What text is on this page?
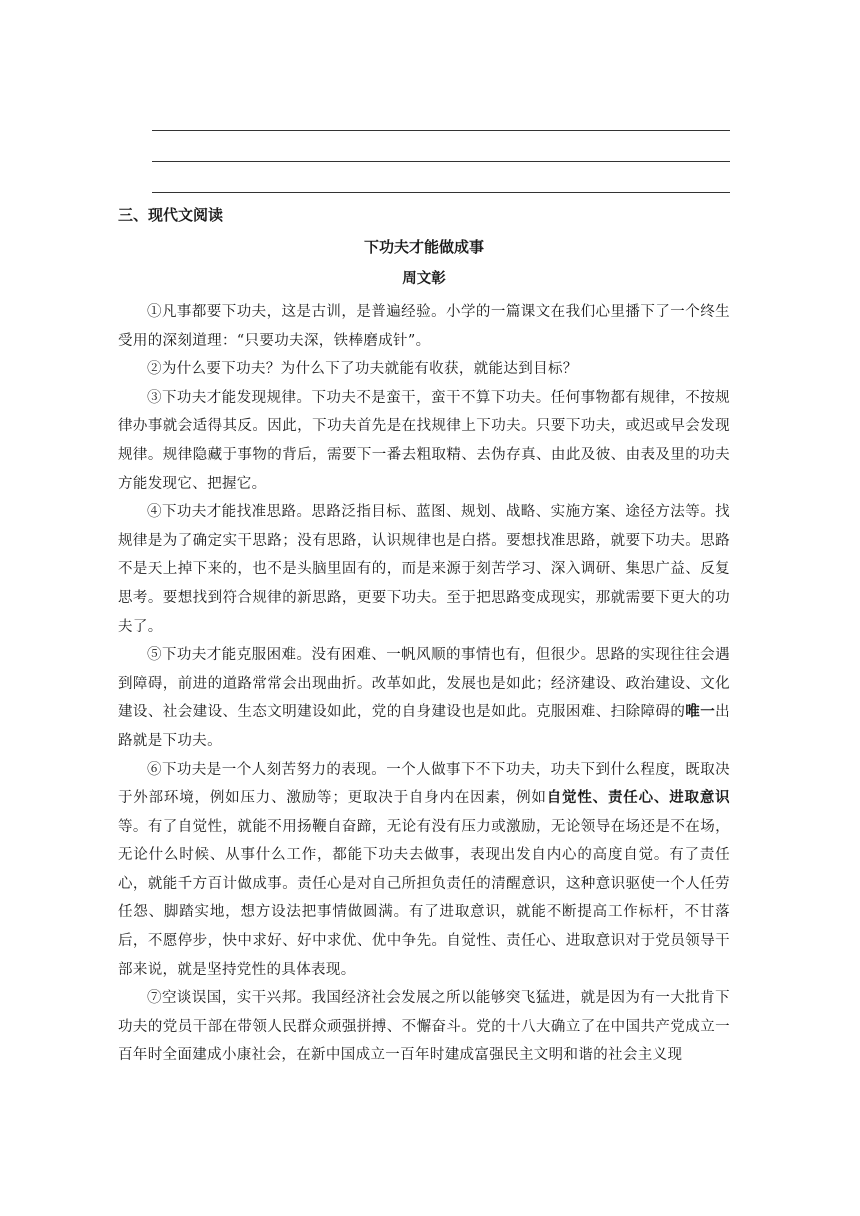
三、现代文阅读
下功夫才能做成事
周文彰

①凡事都要下功夫，这是古训，是普遍经验。小学的一篇课文在我们心里播下了一个终生受用的深刻道理：“只要功夫深，铁棒磨成针”。

②为什么要下功夫？为什么下了功夫就能有收获，就能达到目标？

③下功夫才能发现规律。下功夫不是蛮干，蛮干不算下功夫。任何事物都有规律，不按规律办事就会适得其反。因此，下功夫首先是在找规律上下功夫。只要下功夫，或迟或早会发现规律。规律隐藏于事物的背后，需要下一番去粗取精、去伪存真、由此及彼、由表及里的功夫方能发现它、把握它。

④下功夫才能找准思路。思路泛指目标、蓝图、规划、战略、实施方案、途径方法等。找规律是为了确定实干思路；没有思路，认识规律也是白搭。要想找准思路，就要下功夫。思路不是天上掉下来的，也不是头脑里固有的，而是来源于刻苦学习、深入调研、集思广益、反复思考。要想找到符合规律的新思路，更要下功夫。至于把思路变成现实，那就需要下更大的功夫了。

⑤下功夫才能克服困难。没有困难、一帆风顺的事情也有，但很少。思路的实现往往会遇到障碍，前进的道路常常会出现曲折。改革如此，发展也是如此；经济建设、政治建设、文化建设、社会建设、生态文明建设如此，党的自身建设也是如此。克服困难、扫除障碍的唯一出路就是下功夫。

⑥下功夫是一个人刻苦努力的表现。一个人做事下不下功夫，功夫下到什么程度，既取决于外部环境，例如压力、激励等；更取决于自身内在因素，例如自觉性、责任心、进取意识等。有了自觉性，就能不用扬鞭自奋蹄，无论有没有压力或激励，无论领导在场还是不在场，无论什么时候、从事什么工作，都能下功夫去做事，表现出发自内心的高度自觉。有了责任心，就能千方百计做成事。责任心是对自己所担负责任的清醒意识，这种意识驱使一个人任劳任怨、脚踏实地，想方设法把事情做圆满。有了进取意识，就能不断提高工作标杆，不甘落后，不愿停步，快中求好、好中求优、优中争先。自觉性、责任心、进取意识对于党员领导干部来说，就是坚持党性的具体表现。

⑦空谈误国，实干兴邦。我国经济社会发展之所以能够突飞猛进，就是因为有一大批肯下功夫的党员干部在带领人民群众顽强拼搏、不懈奋斗。党的十八大确立了在中国共产党成立一百年时全面建成小康社会，在新中国成立一百年时建成富强民主文明和谐的社会主义现
